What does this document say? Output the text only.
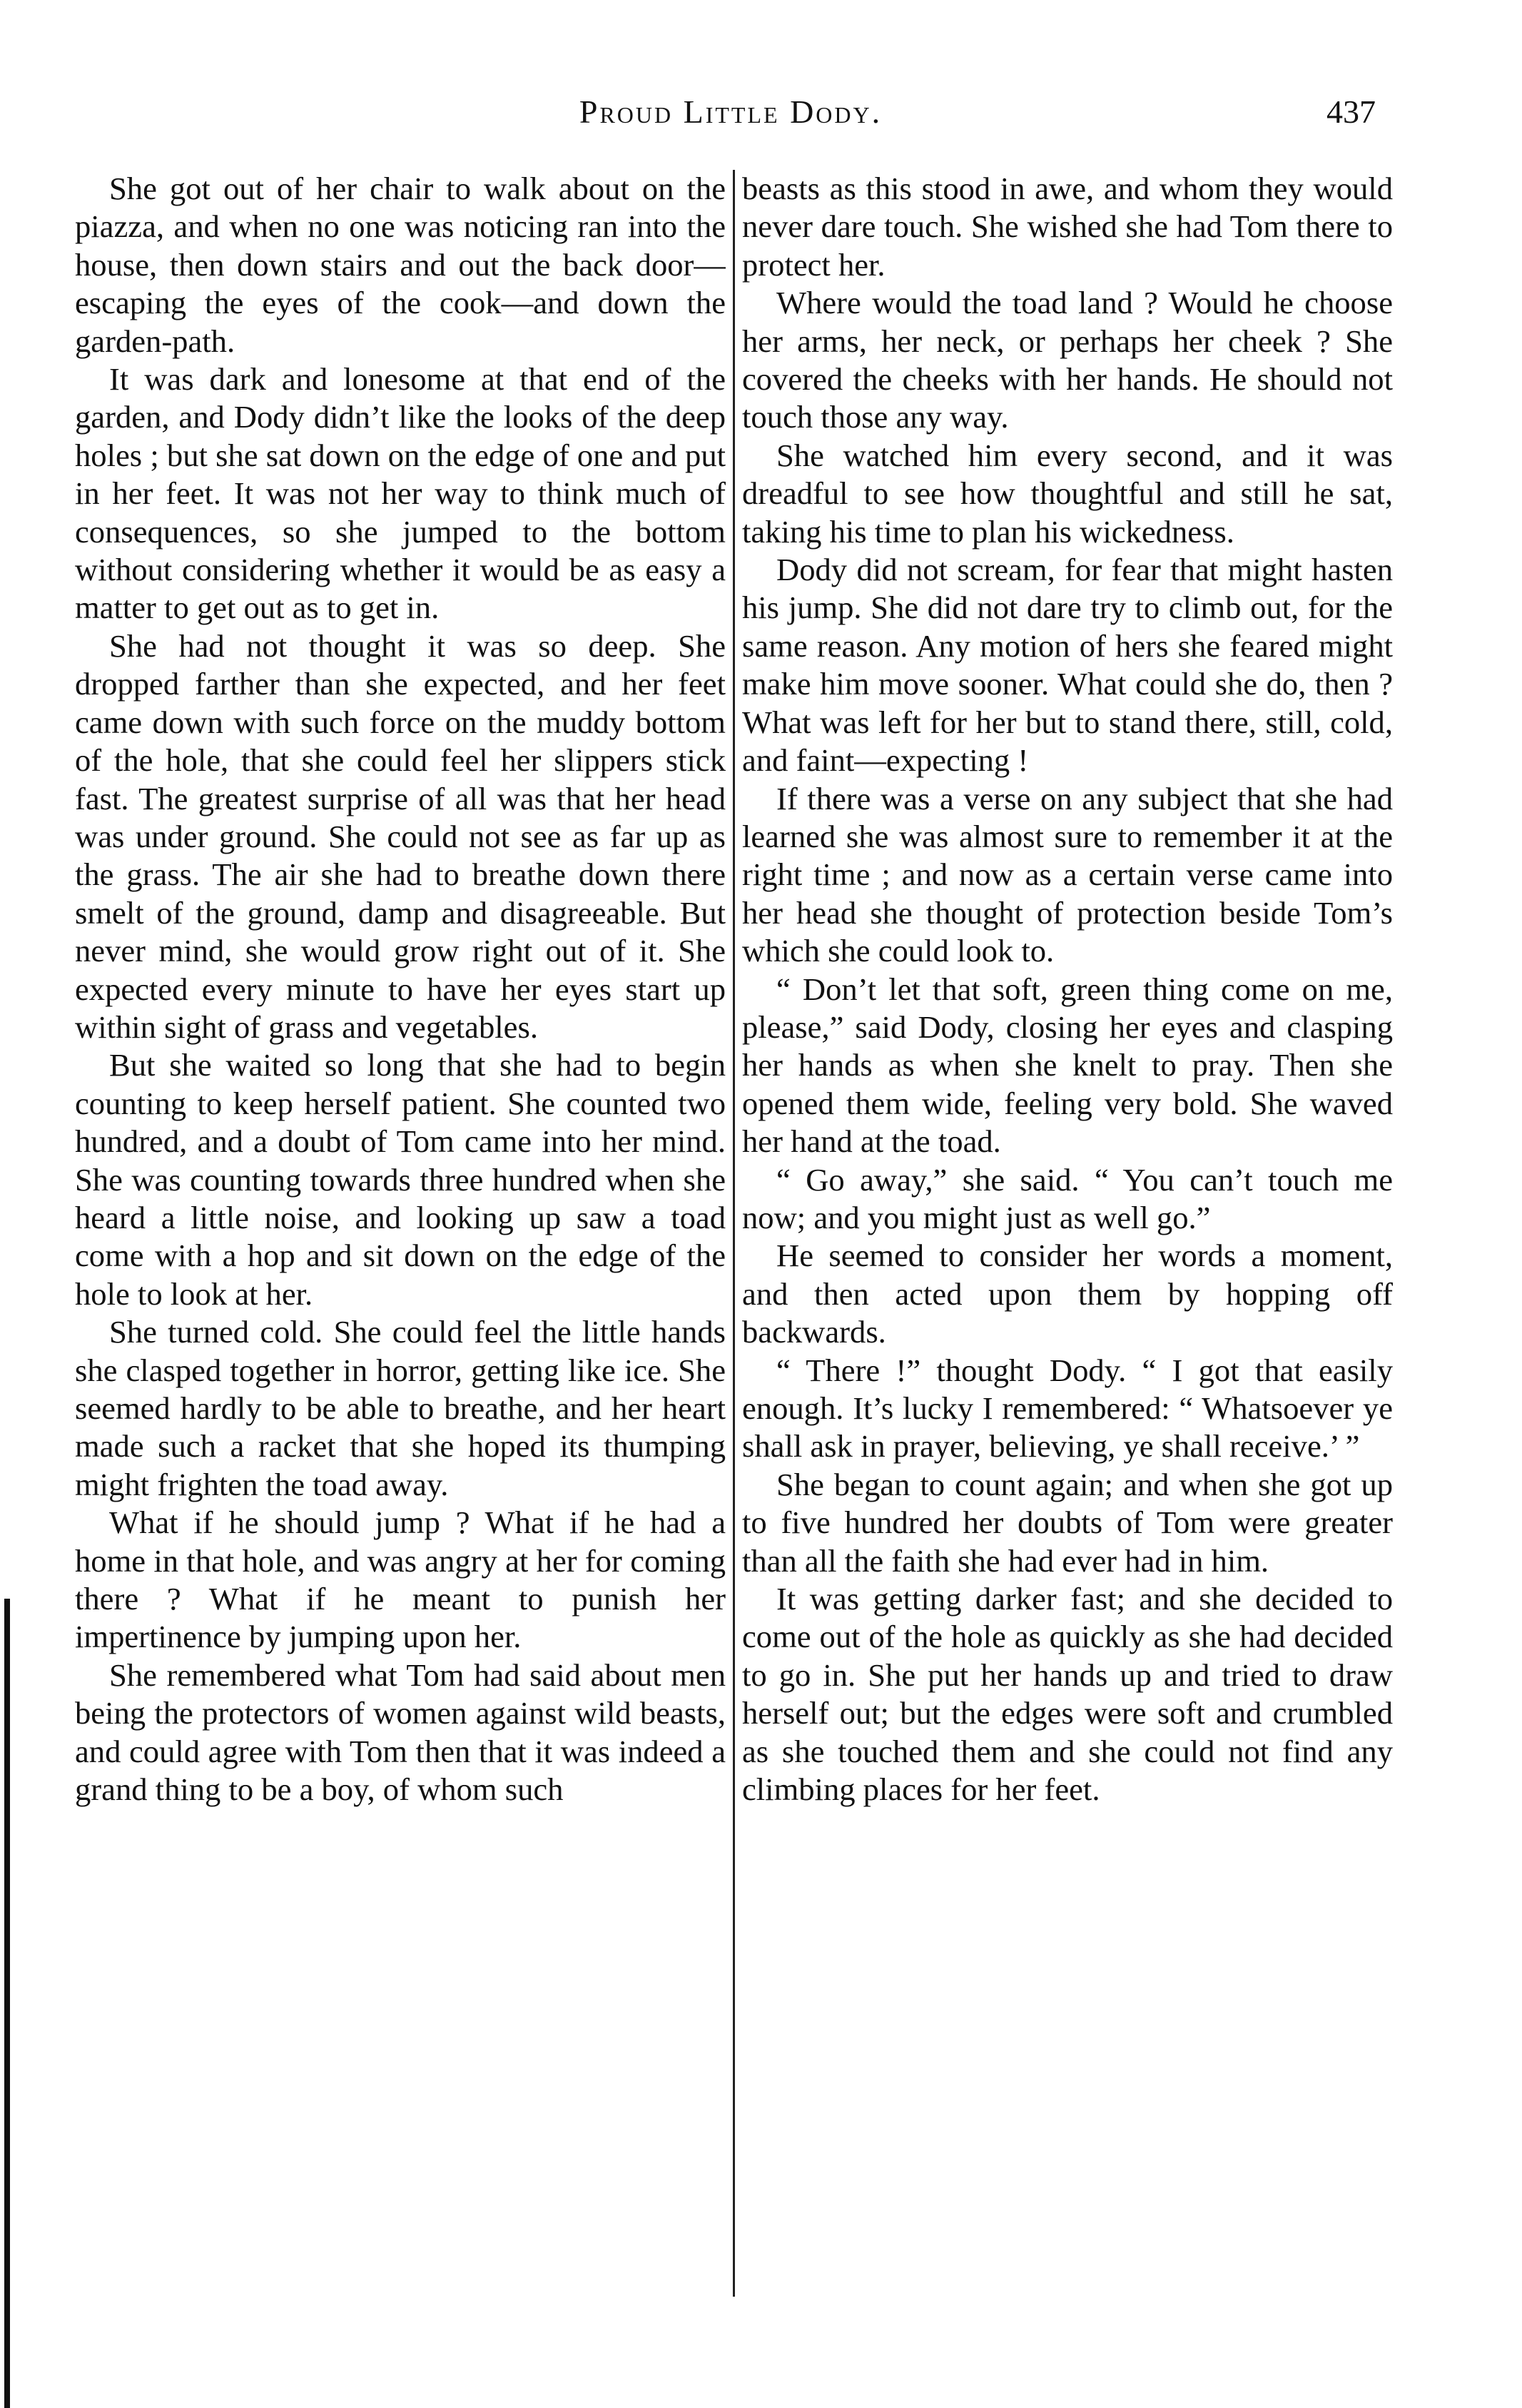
Proud Little Dody.	437

She got out of her chair to walk about on the piazza, and when no one was noticing ran into the house, then down stairs and out the back door—escaping the eyes of the cook—and down the garden-path.

It was dark and lonesome at that end of the garden, and Dody didn’t like the looks of the deep holes ; but she sat down on the edge of one and put in her feet. It was not her way to think much of consequences, so she jumped to the bottom without considering whether it would be as easy a matter to get out as to get in.

She had not thought it was so deep. She dropped farther than she expected, and her feet came down with such force on the muddy bottom of the hole, that she could feel her slippers stick fast. The greatest surprise of all was that her head was under ground. She could not see as far up as the grass. The air she had to breathe down there smelt of the ground, damp and disagreeable. But never mind, she would grow right out of it. She expected every minute to have her eyes start up within sight of grass and vegetables.

But she waited so long that she had to begin counting to keep herself patient. She counted two hundred, and a doubt of Tom came into her mind. She was counting towards three hundred when she heard a little noise, and looking up saw a toad come with a hop and sit down on the edge of the hole to look at her.

She turned cold. She could feel the little hands she clasped together in horror, getting like ice. She seemed hardly to be able to breathe, and her heart made such a racket that she hoped its thumping might frighten the toad away.

What if he should jump ? What if he had a home in that hole, and was angry at her for coming there ? What if he meant to punish her impertinence by jumping upon her.

She remembered what Tom had said about men being the protectors of women against wild beasts, and could agree with Tom then that it was indeed a grand thing to be a boy, of whom such

beasts as this stood in awe, and whom they would never dare touch. She wished she had Tom there to protect her.

Where would the toad land ? Would he choose her arms, her neck, or perhaps her cheek ? She covered the cheeks with her hands. He should not touch those any way.

She watched him every second, and it was dreadful to see how thoughtful and still he sat, taking his time to plan his wickedness.

Dody did not scream, for fear that might hasten his jump. She did not dare try to climb out, for the same reason. Any motion of hers she feared might make him move sooner. What could she do, then ? What was left for her but to stand there, still, cold, and faint—expecting !

If there was a verse on any subject that she had learned she was almost sure to remember it at the right time ; and now as a certain verse came into her head she thought of protection beside Tom’s which she could look to.

“ Don’t let that soft, green thing come on me, please,” said Dody, closing her eyes and clasping her hands as when she knelt to pray. Then she opened them wide, feeling very bold. She waved her hand at the toad.

“ Go away,” she said. “ You can’t touch me now; and you might just as well go.”

He seemed to consider her words a moment, and then acted upon them by hopping off backwards.

“ There !” thought Dody. “ I got that easily enough. It’s lucky I remembered: “ Whatsoever ye shall ask in prayer, believing, ye shall receive.’ ”

She began to count again; and when she got up to five hundred her doubts of Tom were greater than all the faith she had ever had in him.

It was getting darker fast; and she decided to come out of the hole as quickly as she had decided to go in. She put her hands up and tried to draw herself out; but the edges were soft and crumbled as she touched them and she could not find any climbing places for her feet.
